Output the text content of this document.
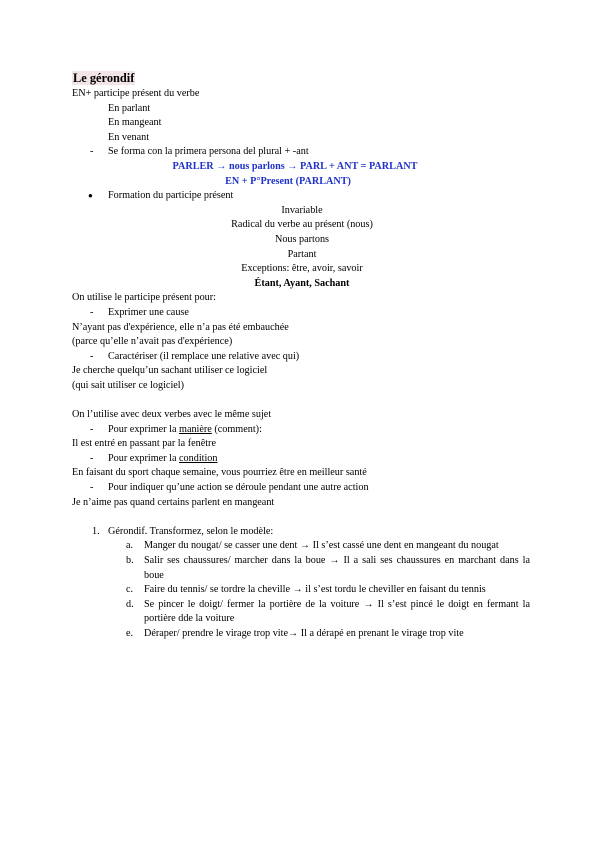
Le gérondif
EN+ participe présent du verbe
En parlant
En mangeant
En venant
- Se forma con la primera persona del plural + -ant
PARLER → nous parlons → PARL + ANT = PARLANT
EN + P°Present (PARLANT)
● Formation du participe présent
Invariable
Radical du verbe au présent (nous)
Nous partons
Partant
Exceptions: être, avoir, savoir
Étant, Ayant, Sachant
On utilise le participe présent pour:
- Exprimer une cause
N’ayant pas d'expérience, elle n’a pas été embauchée
(parce qu’elle n’avait pas d'expérience)
- Caractériser (il remplace une relative avec qui)
Je cherche quelqu’un sachant utiliser ce logiciel
(qui sait utiliser ce logiciel)
On l’utilise avec deux verbes avec le même sujet
- Pour exprimer la manière (comment):
Il est entré en passant par la fenêtre
- Pour exprimer la condition
En faisant du sport chaque semaine, vous pourriez être en meilleur santé
- Pour indiquer qu’une action se déroule pendant une autre action
Je n’aime pas quand certains parlent en mangeant
1. Gérondif. Transformez, selon le modèle:
a. Manger du nougat/ se casser une dent → Il s’est cassé une dent en mangeant du nougat
b. Salir ses chaussures/ marcher dans la boue → Il a sali ses chaussures en marchant dans la boue
c. Faire du tennis/ se tordre la cheville → il s’est tordu le cheviller en faisant du tennis
d. Se pincer le doigt/ fermer la portière de la voiture → Il s’est pincé le doigt en fermant la portière dde la voiture
e. Déraper/ prendre le virage trop vite→ Il a dérapé en prenant le virage trop vite
